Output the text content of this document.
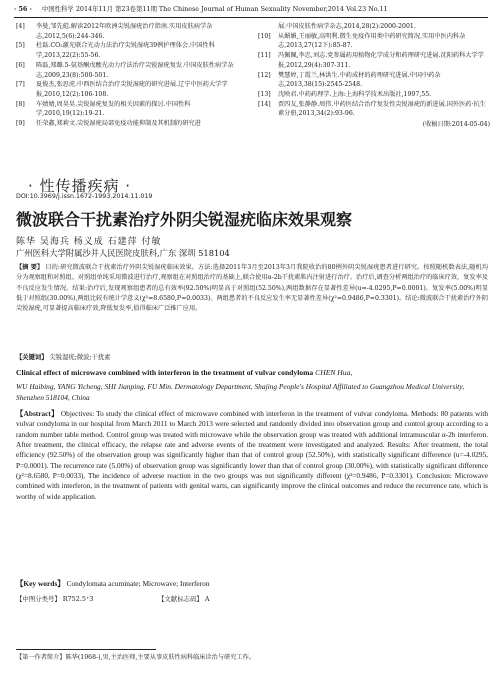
· 56 · 中国性科学 2014年11月 第23卷第11期 The Chinese Journal of Human Sexuality November,2014 Vol.23 No.11
[4]	李曼,邹先彪.解读2012年欧洲尖锐湿疣治疗指南.实用皮肤病学杂志,2012,5(6):244-346.
[5]	杜磊.CO₂激光联合光动力法治疗尖锐湿疣39例护理体会.中国性科学,2013,22(2):55-56.
[6]	陈磊,郑璐.5-氨基酮戊酸光动力疗法治疗尖锐湿疣复发.中国皮肤性病学杂志,2009,23(8):500-501.
[7]	夏俊杰,张思虎.中西医结合治疗尖锐湿疣的研究进展.辽宁中医药大学学报,2010,12(2):106-108.
[8]	车婧婧,周昊昊.尖锐湿疣复发的相关因素的探讨.中国性科学,2010,19(12):19-21.
[9]	任荣鑫,郑莉文.尖锐湿疣局部免疫功能抑制及其机制的研究进
展.中国皮肤性病学杂志,2014,28(2):2000-2001.
[10]	从媚媚,王丽敏,高明利.微生免疫作用类中药研究简况.实用中医内科杂志,2013,27(12下):85-87.
[11]	冯佩佩,李忠,刘志.党参属药用植物化学成分和药理研究进展.沈阳药科大学学报,2012,29(4):307-311.
[12]	樊慧婷,丁霞兰,林洪生.中药成材的药理研究进展.中国中药杂志,2013,38(15):2545-2548.
[13]	沈映君.中药药理学.上海:上海科学技术出版社,1997,55.
[14]	贾四友,张静静.周伟.中药医结合治疗复发性尖锐湿疣的新进展.国外医药·抗生素分册,2013,34(2):93-96.
(收稿日期:2014-05-04)
· 性传播疾病 ·
DOI:10.3969/j.issn.1672-1993.2014.11.019
微波联合干扰素治疗外阴尖锐湿疣临床效果观察
陈华 吴海兵 杨义成 石建萍 付敏
广州医科大学附属沙井人民医院皮肤科,广东 深圳 518104
【摘 要】 目的:研究微波联合干扰素治疗外阴尖锐湿疣临床效果。方法:选择2011年3月至2013年3月我院收治的80例外阴尖锐湿疣患者进行研究。按照随机数表法,随机均分为观察组和对照组。对照组单纯采用微波进行治疗,观察组在对照组治疗的基础上,联合使用α-2b干扰素肌内注射进行治疗。治疗后,调查分析两组治疗的临床疗效、复发率及不良反应发生情况。结果:治疗后,发现观察组患者的总有效率(92.50%)明显高于对照组(52.50%),两组数据存在显著性差异(u=-4.0295,P=0.0001)。复发率(5.00%)明显低于对照组(30.00%),两组比较有统计学意义(χ²=8.6580,P=0.0033)。两组患者的不良反应发生率无显著性差异(χ²=0.9486,P=0.3301)。结论:微波联合干扰素治疗外阴尖锐湿疣,可显著提高临床疗效,降低复发率,值得临床广泛推广应用。
【关键词】 尖锐湿疣;微波;干扰素
Clinical effect of microwave combined with interferon in the treatment of vulvar condyloma CHEN Hua,
WU Haibing, YANG Yicheng, SHI Jianping, FU Min. Dermatology Department, Shajing People's Hospital Affiliated to Guangzhou Medical University, Shenzhen 518104, China
【Abstract】 Objectives: To study the clinical effect of microwave combined with interferon in the treatment of vulvar condyloma. Methods: 80 patients with vulvar condyloma in our hospital from March 2011 to March 2013 were selected and randomly divided into observation group and control group according to a random number table method. Control group was treated with microwave while the observation group was treated with additional intramuscular α-2b interferon. After treatment, the clinical efficacy, the relapse rate and adverse events of the treatment were investigated and analyzed. Results: After treatment, the total efficiency (92.50%) of the observation group was significantly higher than that of control group (52.50%), with statistically significant difference (u=-4.0295, P=0.0001). The recurrence rate (5.00%) of observation group was significantly lower than that of control group (30.00%), with statistically significant difference (χ²=8.6580, P=0.0033). The incidence of adverse reaction in the two groups was not significantly different (χ²=0.9486, P=0.3301). Conclusion: Microwave combined with interferon, in the treatment of patients with genital warts, can significantly improve the clinical outcomes and reduce the recurrence rate, which is worthy of wide application.
【Key words】 Condylomata acuminate; Microwave; Interferon
【中图分类号】 R752.5⁺3	【文献标志码】 A
【第一作者简介】陈华(1968-),男,主治医师,主要从事皮肤性病科临床诊治与研究工作。
